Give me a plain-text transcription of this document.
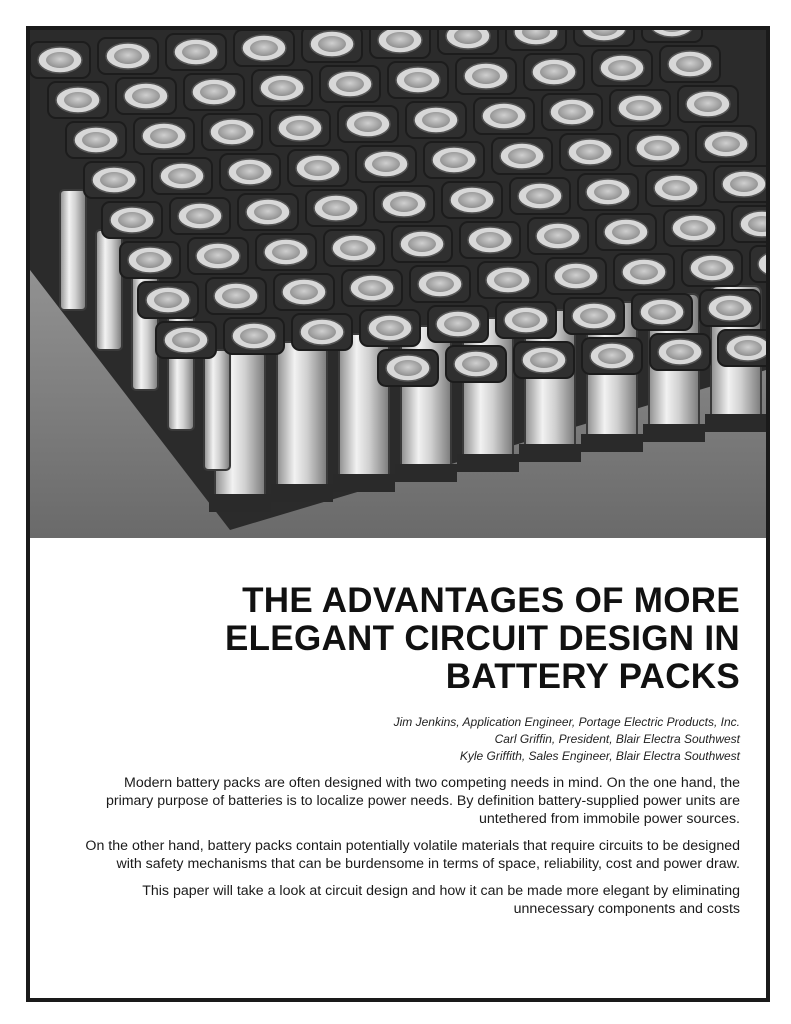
THE ADVANTAGES OF MORE
ELEGANT CIRCUIT DESIGN IN
BATTERY PACKS
Jim Jenkins, Application Engineer, Portage Electric Products, Inc.
Carl Griffin, President, Blair Electra Southwest
Kyle Griffith, Sales Engineer, Blair Electra Southwest

Modern battery packs are often designed with two competing needs in mind. On the one hand, the primary purpose of batteries is to localize power needs. By definition battery-supplied power units are untethered from immobile power sources.

On the other hand, battery packs contain potentially volatile materials that require circuits to be designed with safety mechanisms that can be burdensome in terms of space, reliability, cost and power draw.

This paper will take a look at circuit design and how it can be made more elegant by eliminating unnecessary components and costs
